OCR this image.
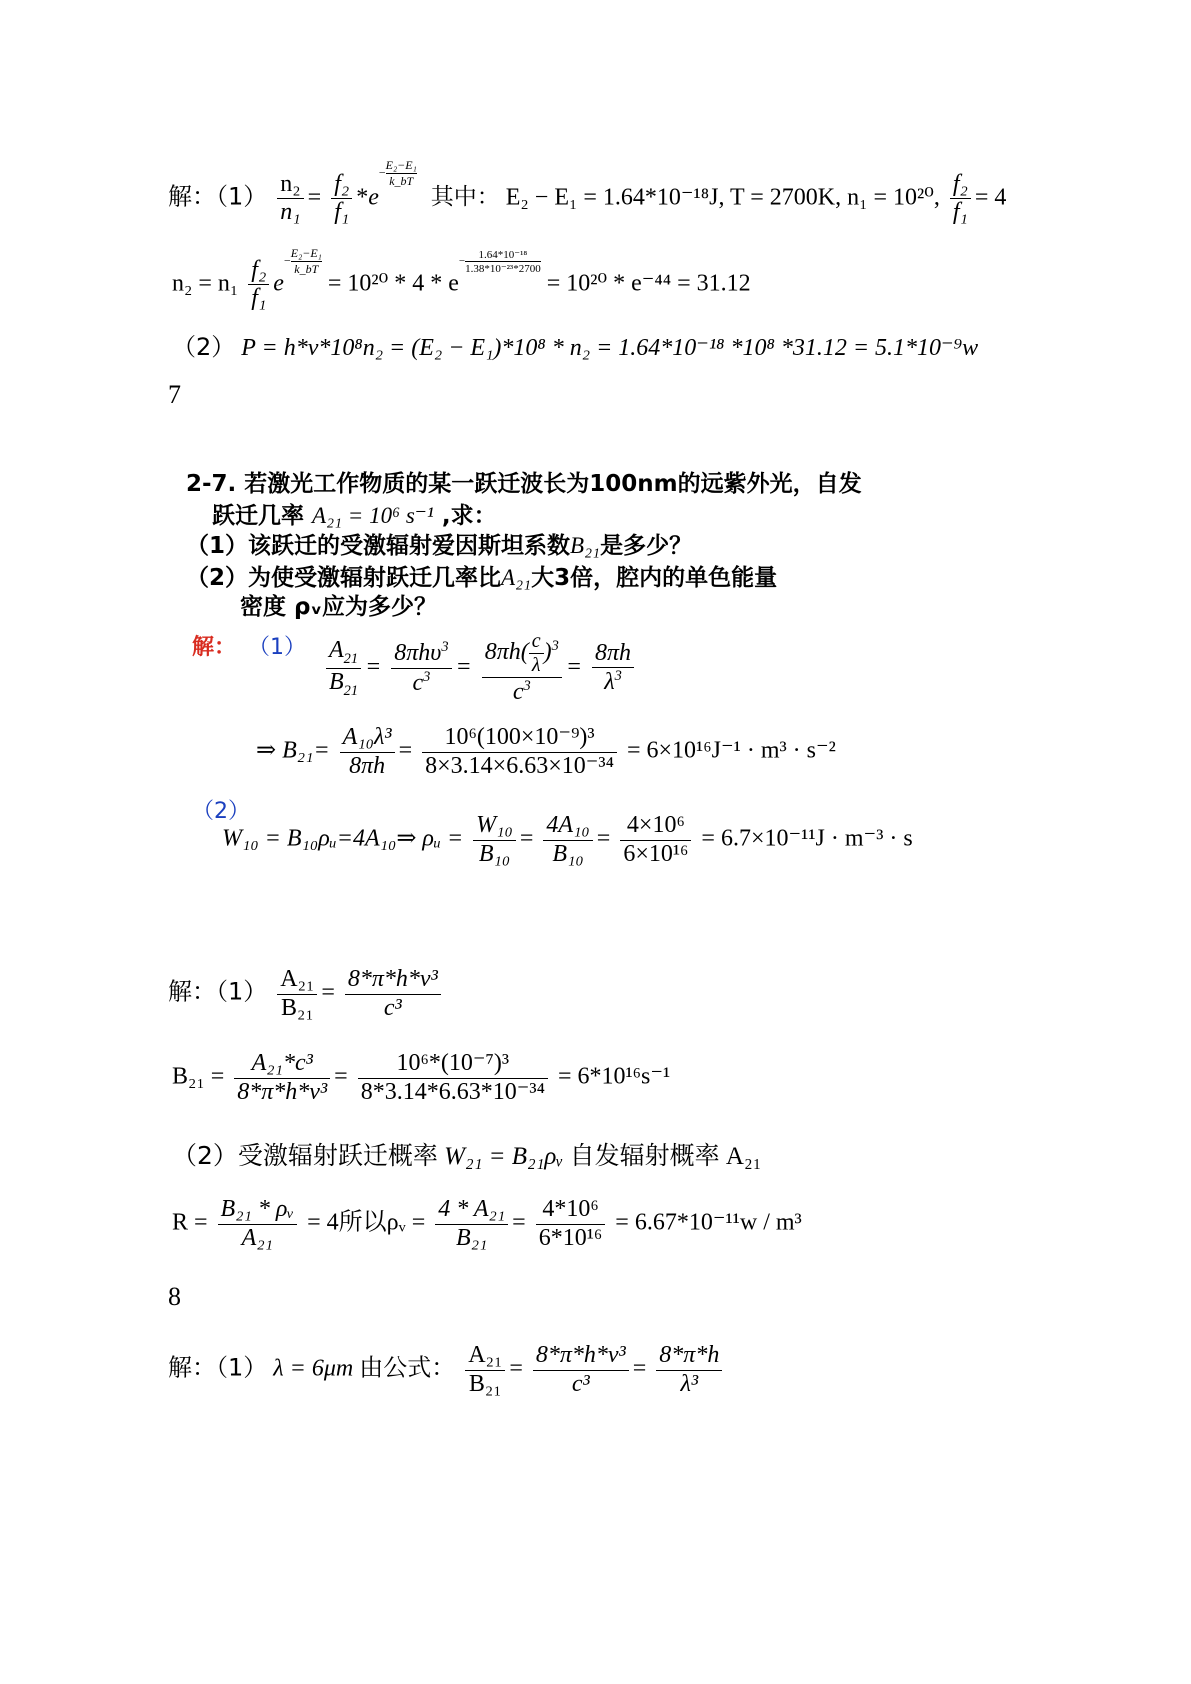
解：$(1) \frac{\text{n₂}}{\text{n₁}} = \frac{\text{f₂}}{\text{f₁}} *e- \frac{\text{E₂−E₁}}{k\_bT}$
其中： E₂ − E₁ = 1.64*10⁻¹⁸J, T = 2700K, n₁ = 10²⁰, $\frac{\text{f₂}}{\text{f₁}} = 4$
$n_2 = n_1 \frac{\text{f₂}}{\text{f₁}} e- \frac{\text{E₂−E₁}}{k\_bT}$
= $10^{20} * 4 * e- \frac{\text{1.64*10⁻¹⁸}}{\text{1.38*10⁻²³*2700}}$
= 10²⁰ * e⁻⁴⁴ = 31.12
（2） P = h*v*10⁸n₂ = (E₂ − E₁)*10⁸ * n₂ = 1.64*10⁻¹⁸ *10⁸ *31.12 = 5.1*10⁻⁹w
7
2-7. 若激光工作物质的某一跃迁波长为100nm的远紫外光，自发
跃迁几率 A₂₁ = 10⁶ s⁻¹ ,求：
（1）该跃迁的受激辐射爱因斯坦系数B₂₁是多少？
（2）为使受激辐射跃迁几率比A₂₁大3倍，腔内的单色能量
密度 ρᵥ应为多少？
解： $(1) \frac{A_{21}}{B_{21}} = \frac{8\pi h\upsilon^3}{c^3} = \frac{8\pi h( \frac{c}{\lambda} )^3}{c^3} = \frac{8\pi h}{\lambda^3}$
⇒ $B_{21}= \frac{\text{A₁₀λ³}}{8\pi h} = \frac{\text{10⁶(100×10⁻⁹)³}}{\text{8×3.14×6.63×10⁻³⁴}} = 6\times 10^{16}J^{-1} \cdot m^3 \cdot s^{-2}$
（2）
W₁₀ = B₁₀ρᵤ=4A₁₀⇒ ρᵤ = $\frac{\text{W₁₀}}{\text{B₁₀}} = \frac{\text{4A₁₀}}{\text{B₁₀}} = \frac{\text{4×10⁶}}{\text{6×10¹⁶}} = 6.7\times 10^{-11}J \cdot m^{-3} \cdot s$
解：$(1) \frac{\text{A₂₁}}{\text{B₂₁}} = \frac{\text{8*π*h*v³}}{\text{c³}}$
$B_{21} = \frac{\text{A₂₁*c³}}{\text{8*π*h*v³}} = \frac{\text{10⁶*(10⁻⁷)³}}{\text{8*3.14*6.63*10⁻³⁴}} = 6*10^{16}s^{-1}$
（2）受激辐射跃迁概率 W₂₁ = B₂₁ρᵥ 自发辐射概率 A₂₁
$R = \frac{\text{B₂₁ * ρᵥ}}{\text{A₂₁}} = 4$所以ρᵥ = $\frac{\text{4 * A₂₁}}{\text{B₂₁}} = \frac{\text{4*10⁶}}{\text{6*10¹⁶}} = 6.67*10^{-11}w / m^3$
8
解：（1） λ = 6μm 由公式： $\frac{\text{A₂₁}}{\text{B₂₁}} = \frac{\text{8*π*h*v³}}{\text{c³}} = \frac{8*\pi*h}{\text{λ³}}$
